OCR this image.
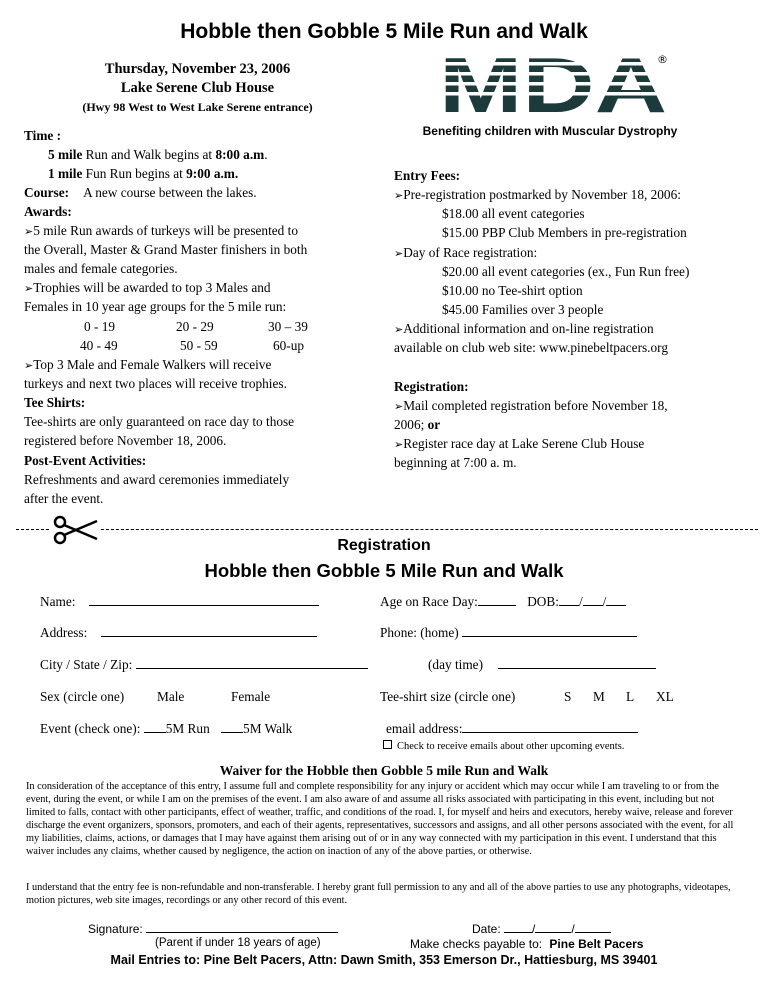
Hobble then Gobble 5 Mile Run and Walk
Thursday, November 23, 2006
Lake Serene Club House
(Hwy 98 West to West Lake Serene entrance)
®
Benefiting children with Muscular Dystrophy
Time :
5 mile Run and Walk begins at 8:00 a.m.
1 mile Fun Run begins at 9:00 a.m.
Course: A new course between the lakes.
Awards:
➢5 mile Run awards of turkeys will be presented to
the Overall, Master & Grand Master finishers in both
males and female categories.
➢Trophies will be awarded to top 3 Males and
Females in 10 year age groups for the 5 mile run:
0 - 19	20 - 29	30 – 39
40 - 49	50 - 59	60-up
➢Top 3 Male and Female Walkers will receive
turkeys and next two places will receive trophies.
Tee Shirts:
Tee-shirts are only guaranteed on race day to those
registered before November 18, 2006.
Post-Event Activities:
Refreshments and award ceremonies immediately
after the event.
Entry Fees:
➢Pre-registration postmarked by November 18, 2006:
$18.00 all event categories
$15.00 PBP Club Members in pre-registration
➢Day of Race registration:
$20.00 all event categories (ex., Fun Run free)
$10.00 no Tee-shirt option
$45.00 Families over 3 people
➢Additional information and on-line registration
available on club web site: www.pinebeltpacers.org
Registration:
➢Mail completed registration before November 18,
2006; or
➢Register race day at Lake Serene Club House
beginning at 7:00 a. m.
Registration
Hobble then Gobble 5 Mile Run and Walk
Name:	Age on Race Day:	DOB: / /
Address:	Phone: (home)
City / State / Zip:	(day time)
Sex (circle one) Male	Female	Tee-shirt size (circle one)	S M L XL
Event (check one): 5M Run	5M Walk	email address:
Check to receive emails about other upcoming events.
Waiver for the Hobble then Gobble 5 mile Run and Walk
In consideration of the acceptance of this entry, I assume full and complete responsibility for any injury or accident which may occur while I am traveling to or from the event, during the event, or while I am on the premises of the event. I am also aware of and assume all risks associated with participating in this event, including but not limited to falls, contact with other participants, effect of weather, traffic, and conditions of the road. I, for myself and heirs and executors, hereby waive, release and forever discharge the event organizers, sponsors, promoters, and each of their agents, representatives, successors and assigns, and all other persons associated with the event, for all my liabilities, claims, actions, or damages that I may have against them arising out of or in any way connected with my participation in this event. I understand that this waiver includes any claims, whether caused by negligence, the action on inaction of any of the above parties, or otherwise.
I understand that the entry fee is non-refundable and non-transferable. I hereby grant full permission to any and all of the above parties to use any photographs, videotapes, motion pictures, web site images, recordings or any other record of this event.
Signature:	Date:	/	/
(Parent if under 18 years of age)	Make checks payable to: Pine Belt Pacers
Mail Entries to: Pine Belt Pacers, Attn: Dawn Smith, 353 Emerson Dr., Hattiesburg, MS 39401
